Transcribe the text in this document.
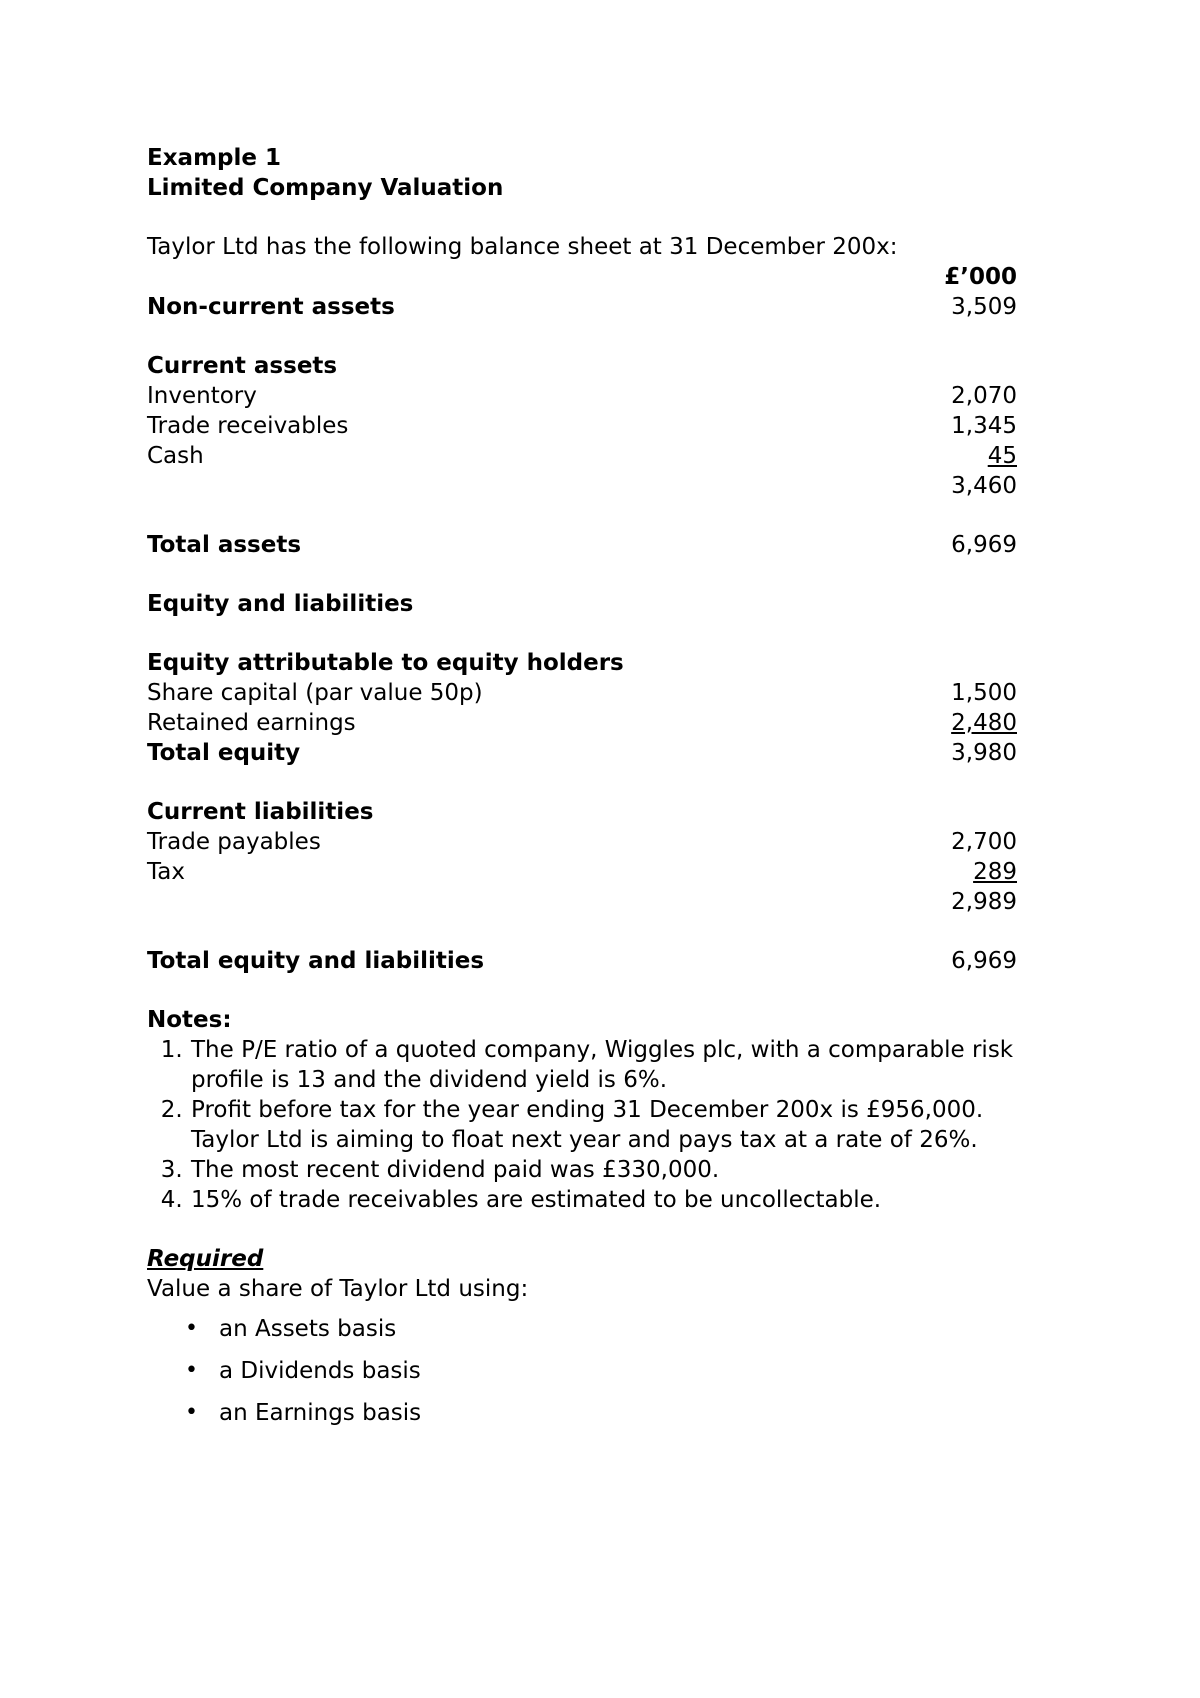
Example 1
Limited Company Valuation
Taylor Ltd has the following balance sheet at 31 December 200x:
£’000
Non-current assets	3,509
Current assets
Inventory	2,070
Trade receivables	1,345
Cash	45
3,460
Total assets	6,969
Equity and liabilities
Equity attributable to equity holders
Share capital (par value 50p)	1,500
Retained earnings	2,480
Total equity	3,980
Current liabilities
Trade payables	2,700
Tax	289
2,989
Total equity and liabilities	6,969
Notes:
1. The P/E ratio of a quoted company, Wiggles plc, with a comparable risk profile is 13 and the dividend yield is 6%.
2. Profit before tax for the year ending 31 December 200x is £956,000. Taylor Ltd is aiming to float next year and pays tax at a rate of 26%.
3. The most recent dividend paid was £330,000.
4. 15% of trade receivables are estimated to be uncollectable.
Required
Value a share of Taylor Ltd using:
• an Assets basis
• a Dividends basis
• an Earnings basis
